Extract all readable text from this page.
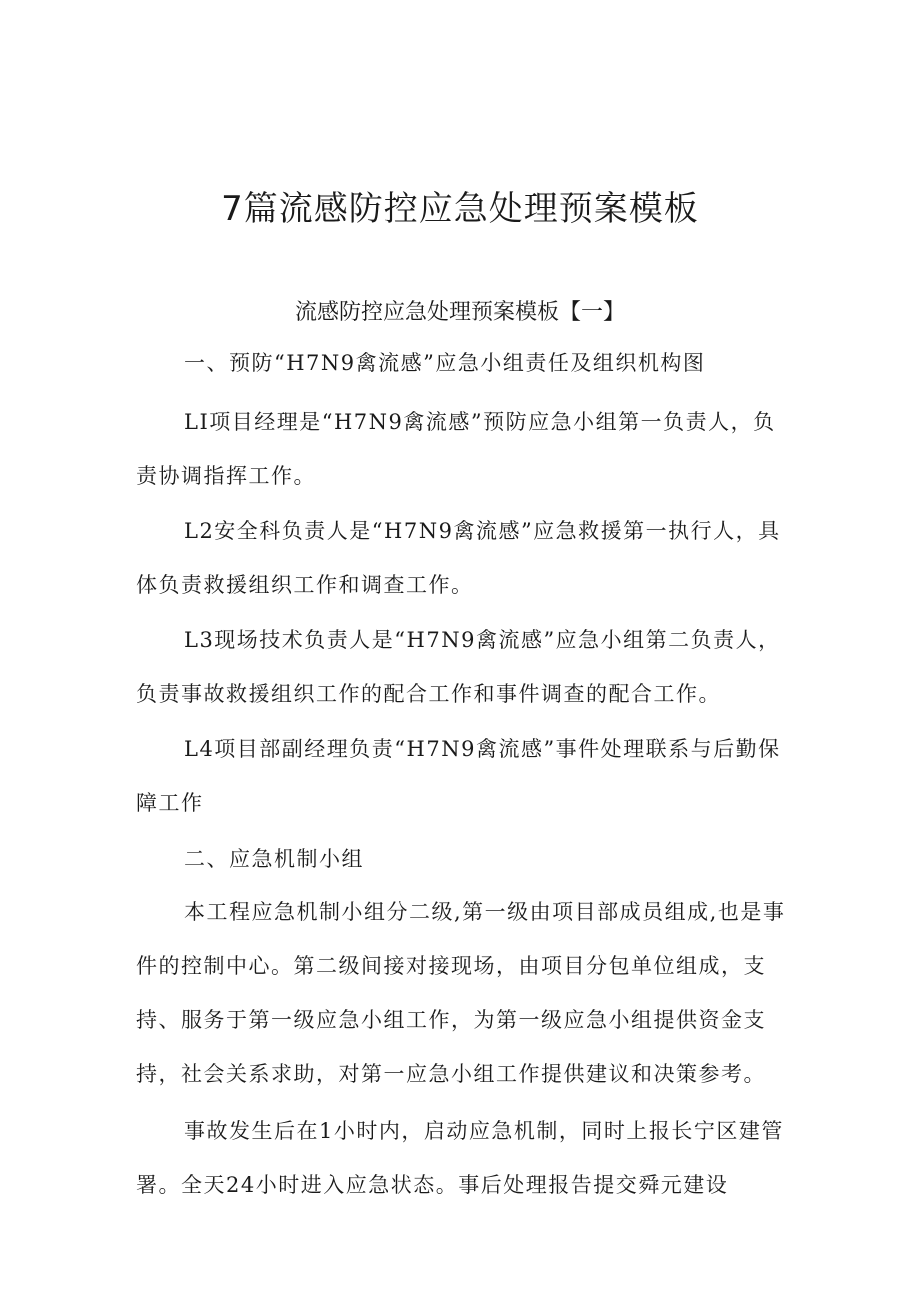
7篇流感防控应急处理预案模板
流感防控应急处理预案模板【一】

一、预防“H7N9禽流感”应急小组责任及组织机构图

LI项目经理是“H7N9禽流感”预防应急小组第一负责人，负责协调指挥工作。

L2安全科负责人是“H7N9禽流感”应急救援第一执行人，具体负责救援组织工作和调查工作。

L3现场技术负责人是“H7N9禽流感”应急小组第二负责人，负责事故救援组织工作的配合工作和事件调查的配合工作。

L4项目部副经理负责“H7N9禽流感”事件处理联系与后勤保障工作

二、应急机制小组

本工程应急机制小组分二级,第一级由项目部成员组成,也是事件的控制中心。第二级间接对接现场，由项目分包单位组成，支持、服务于第一级应急小组工作，为第一级应急小组提供资金支持，社会关系求助，对第一应急小组工作提供建议和决策参考。

事故发生后在1小时内，启动应急机制，同时上报长宁区建管署。全天24小时进入应急状态。事后处理报告提交舜元建设
